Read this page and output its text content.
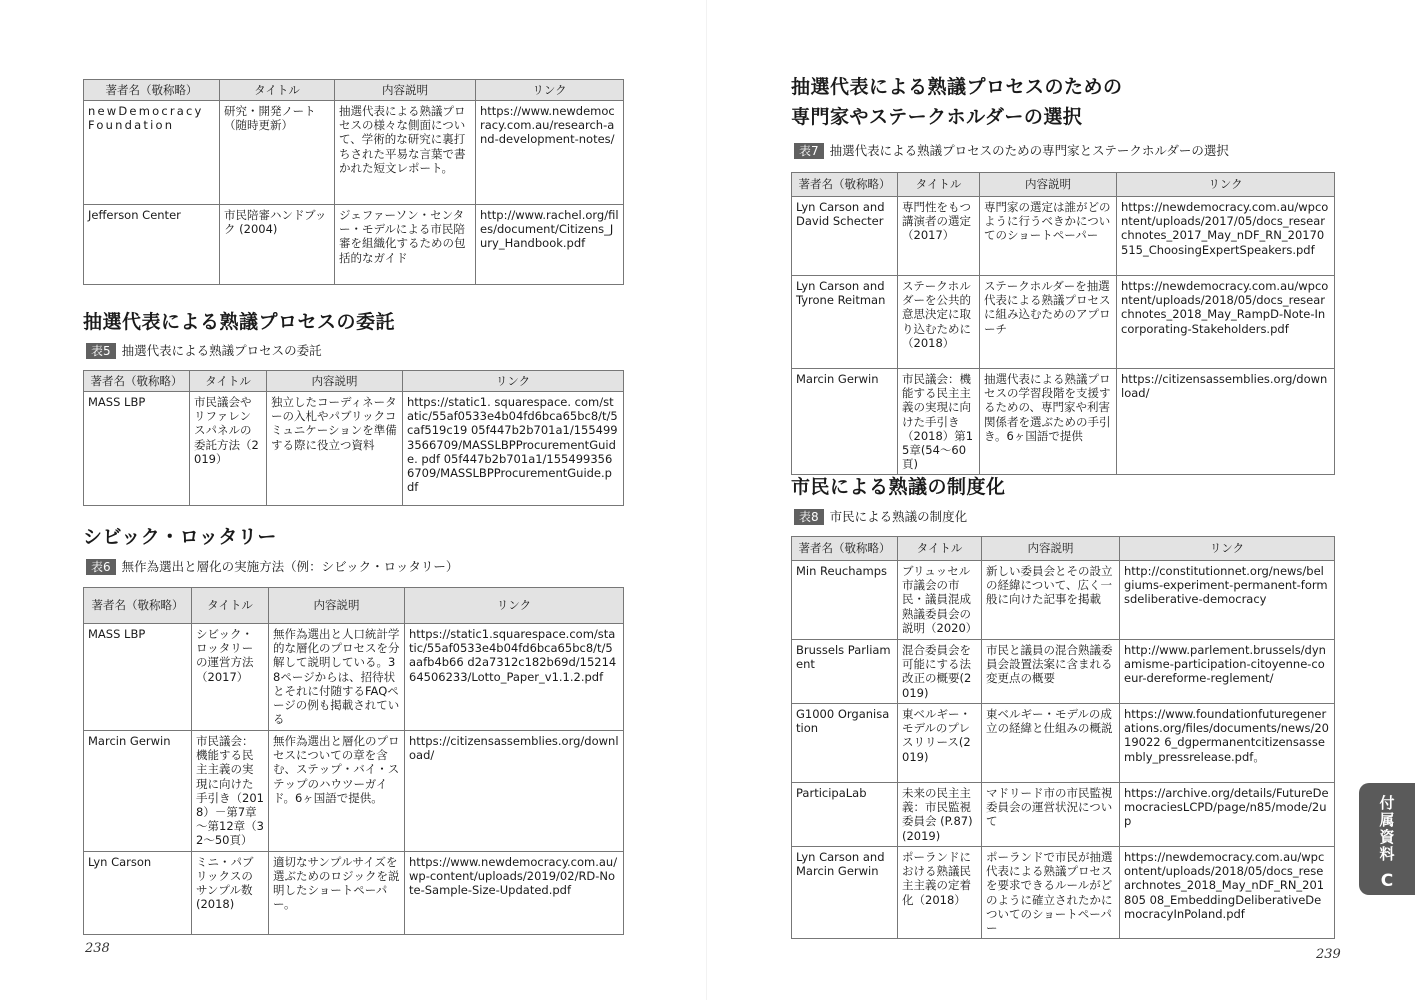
著者名（敬称略）	タイトル	内容説明	リンク
newDemocracy Foundation	研究・開発ノート（随時更新）	抽選代表による熟議プロセスの様々な側面について、学術的な研究に裏打ちされた平易な言葉で書かれた短文レポート。	https://www.newdemocracy.com.au/research-and-development-notes/
Jefferson Center	市民陪審ハンドブック (2004)	ジェファーソン・センター・モデルによる市民陪審を組織化するための包括的なガイド	http://www.rachel.org/files/document/Citizens_Jury_Handbook.pdf
抽選代表による熟議プロセスの委託
表5 抽選代表による熟議プロセスの委託
著者名（敬称略）	タイトル	内容説明	リンク
MASS LBP	市民議会やリファレンスパネルの委託方法（2019）	独立したコーディネーターの入札やパブリックコミュニケーションを準備する際に役立つ資料	https://static1. squarespace. com/static/55af0533e4b04fd6bca65bc8/t/5caf519c19 05f447b2b701a1/1554993566709/MASSLBPProcurementGuide. pdf 05f447b2b701a1/1554993566709/MASSLBPProcurementGuide.pdf
シビック・ロッタリー
表6 無作為選出と層化の実施方法（例：シビック・ロッタリー）
著者名（敬称略）	タイトル	内容説明	リンク
MASS LBP	シビック・ロッタリーの運営方法（2017）	無作為選出と人口統計学的な層化のプロセスを分解して説明している。38ページからは、招待状とそれに付随するFAQページの例も掲載されている	https://static1.squarespace.com/static/55af0533e4b04fd6bca65bc8/t/5aafb4b66 d2a7312c182b69d/1521464506233/Lotto_Paper_v1.1.2.pdf
Marcin Gerwin	市民議会：機能する民主主義の実現に向けた手引き（2018）－第7章～第12章（32～50頁）	無作為選出と層化のプロセスについての章を含む、ステップ・バイ・ステップのハウツーガイド。6ヶ国語で提供。	https://citizensassemblies.org/download/
Lyn Carson	ミニ・パブリックスのサンプル数 (2018)	適切なサンプルサイズを選ぶためのロジックを説明したショートペーパー。	https://www.newdemocracy.com.au/wp-content/uploads/2019/02/RD-Note-Sample-Size-Updated.pdf
238
抽選代表による熟議プロセスのための
専門家やステークホルダーの選択
表7 抽選代表による熟議プロセスのための専門家とステークホルダーの選択
著者名（敬称略）	タイトル	内容説明	リンク
Lyn Carson and David Schecter	専門性をもつ講演者の選定（2017）	専門家の選定は誰がどのように行うべきかについてのショートペーパー	https://newdemocracy.com.au/wpcontent/uploads/2017/05/docs_researchnotes_2017_May_nDF_RN_20170 515_ChoosingExpertSpeakers.pdf
Lyn Carson and Tyrone Reitman	ステークホルダーを公共的意思決定に取り込むために（2018）	ステークホルダーを抽選代表による熟議プロセスに組み込むためのアプローチ	https://newdemocracy.com.au/wpcontent/uploads/2018/05/docs_researchnotes_2018_May_RampD-Note-Incorporating-Stakeholders.pdf
Marcin Gerwin	市民議会：機能する民主主義の実現に向けた手引き（2018）第15章(54～60頁)	抽選代表による熟議プロセスの学習段階を支援するための、専門家や利害関係者を選ぶための手引き。6ヶ国語で提供	https://citizensassemblies.org/download/
市民による熟議の制度化
表8 市民による熟議の制度化
著者名（敬称略）	タイトル	内容説明	リンク
Min Reuchamps	ブリュッセル市議会の市民・議員混成熟議委員会の説明（2020）	新しい委員会とその設立の経緯について、広く一般に向けた記事を掲載	http://constitutionnet.org/news/belgiums-experiment-permanent-formsdeliberative-democracy
Brussels Parliament	混合委員会を可能にする法改正の概要(2019)	市民と議員の混合熟議委員会設置法案に含まれる変更点の概要	http://www.parlement.brussels/dynamisme-participation-citoyenne-coeur-dereforme-reglement/
G1000 Organisation	東ベルギー・モデルのプレスリリース(2019)	東ベルギー・モデルの成立の経緯と仕組みの概説	https://www.foundationfuturegenerations.org/files/documents/news/2019022 6_dgpermanentcitizensassembly_pressrelease.pdf。
ParticipaLab	未来の民主主義：市民監視委員会 (P.87) (2019)	マドリード市の市民監視委員会の運営状況について	https://archive.org/details/FutureDemocraciesLCPD/page/n85/mode/2up
Lyn Carson and Marcin Gerwin	ポーランドにおける熟議民主主義の定着化（2018）	ポーランドで市民が抽選代表による熟議プロセスを要求できるルールがどのように確立されたかについてのショートペーパー	https://newdemocracy.com.au/wpcontent/uploads/2018/05/docs_researchnotes_2018_May_nDF_RN_201805 08_EmbeddingDeliberativeDemocracyInPoland.pdf
239
付
属
資
料
C
